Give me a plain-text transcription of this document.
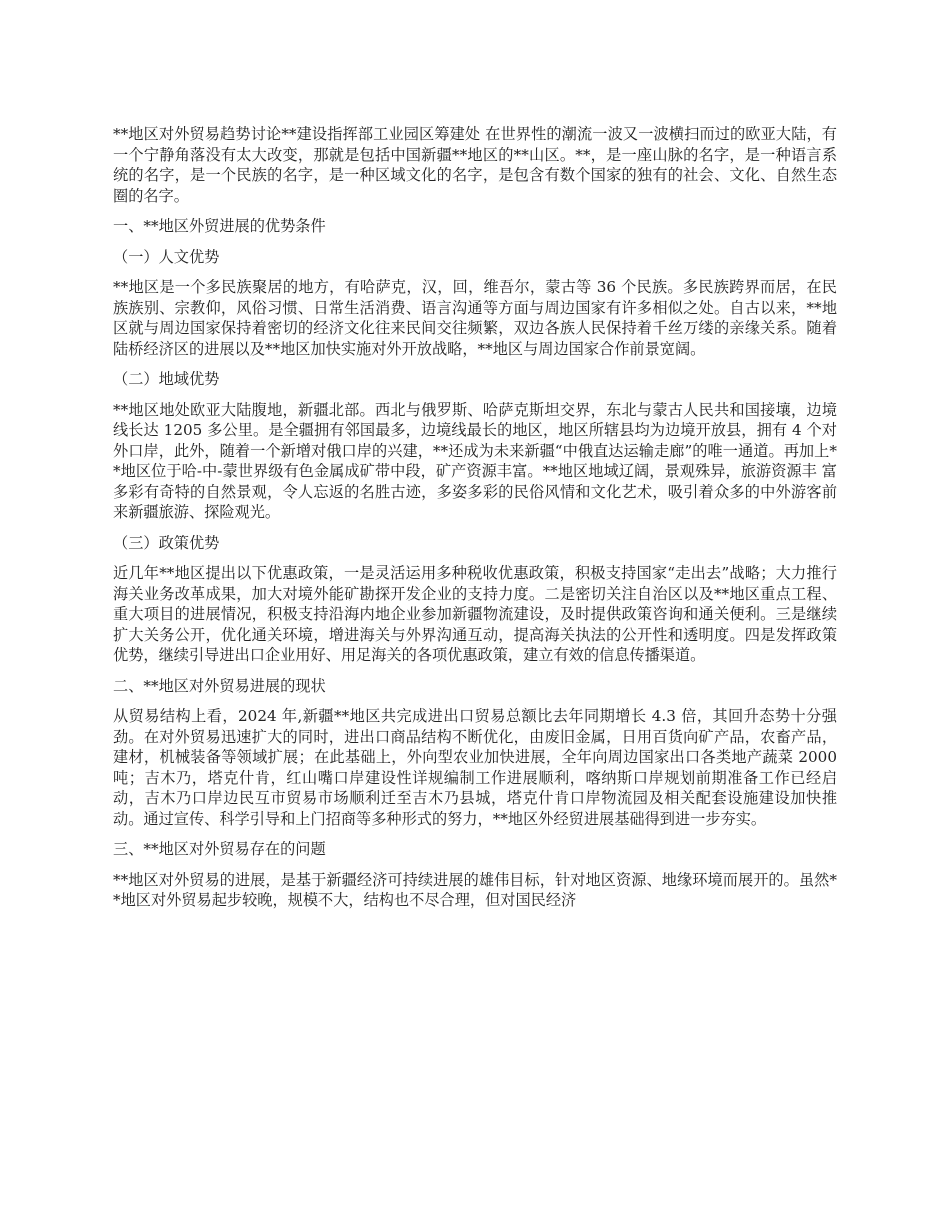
**地区对外贸易趋势讨论**建设指挥部工业园区筹建处 在世界性的潮流一波又一波横扫而过的欧亚大陆，有一个宁静角落没有太大改变，那就是包括中国新疆**地区的**山区。**，是一座山脉的名字，是一种语言系统的名字，是一个民族的名字，是一种区域文化的名字，是包含有数个国家的独有的社会、文化、自然生态圈的名字。

一、**地区外贸进展的优势条件

（一）人文优势

**地区是一个多民族聚居的地方，有哈萨克，汉，回，维吾尔，蒙古等 36 个民族。多民族跨界而居，在民族族别、宗教仰，风俗习惯、日常生活消费、语言沟通等方面与周边国家有许多相似之处。自古以来，**地区就与周边国家保持着密切的经济文化往来民间交往频繁，双边各族人民保持着千丝万缕的亲缘关系。随着陆桥经济区的进展以及**地区加快实施对外开放战略，**地区与周边国家合作前景宽阔。

（二）地域优势

**地区地处欧亚大陆腹地，新疆北部。西北与俄罗斯、哈萨克斯坦交界，东北与蒙古人民共和国接壤，边境线长达 1205 多公里。是全疆拥有邻国最多，边境线最长的地区，地区所辖县均为边境开放县，拥有 4 个对外口岸，此外，随着一个新增对俄口岸的兴建，**还成为未来新疆“中俄直达运输走廊”的唯一通道。再加上**地区位于哈-中-蒙世界级有色金属成矿带中段，矿产资源丰富。**地区地域辽阔，景观殊异，旅游资源丰 富多彩有奇特的自然景观，令人忘返的名胜古迹，多姿多彩的民俗风情和文化艺术，吸引着众多的中外游客前来新疆旅游、探险观光。

（三）政策优势

近几年**地区提出以下优惠政策，一是灵活运用多种税收优惠政策，积极支持国家“走出去”战略；大力推行海关业务改革成果，加大对境外能矿勘探开发企业的支持力度。二是密切关注自治区以及**地区重点工程、重大项目的进展情况，积极支持沿海内地企业参加新疆物流建设，及时提供政策咨询和通关便利。三是继续扩大关务公开，优化通关环境，增进海关与外界沟通互动，提高海关执法的公开性和透明度。四是发挥政策优势，继续引导进出口企业用好、用足海关的各项优惠政策，建立有效的信息传播渠道。

二、**地区对外贸易进展的现状

从贸易结构上看，2024 年,新疆**地区共完成进出口贸易总额比去年同期增长 4.3 倍，其回升态势十分强劲。在对外贸易迅速扩大的同时，进出口商品结构不断优化，由废旧金属，日用百货向矿产品，农畜产品，建材，机械装备等领域扩展；在此基础上，外向型农业加快进展，全年向周边国家出口各类地产蔬菜 2000 吨；吉木乃，塔克什肯，红山嘴口岸建设性详规编制工作进展顺利，喀纳斯口岸规划前期准备工作已经启动，吉木乃口岸边民互市贸易市场顺利迁至吉木乃县城，塔克什肯口岸物流园及相关配套设施建设加快推动。通过宣传、科学引导和上门招商等多种形式的努力，**地区外经贸进展基础得到进一步夯实。

三、**地区对外贸易存在的问题

**地区对外贸易的进展，是基于新疆经济可持续进展的雄伟目标，针对地区资源、地缘环境而展开的。虽然**地区对外贸易起步较晚，规模不大，结构也不尽合理，但对国民经济
